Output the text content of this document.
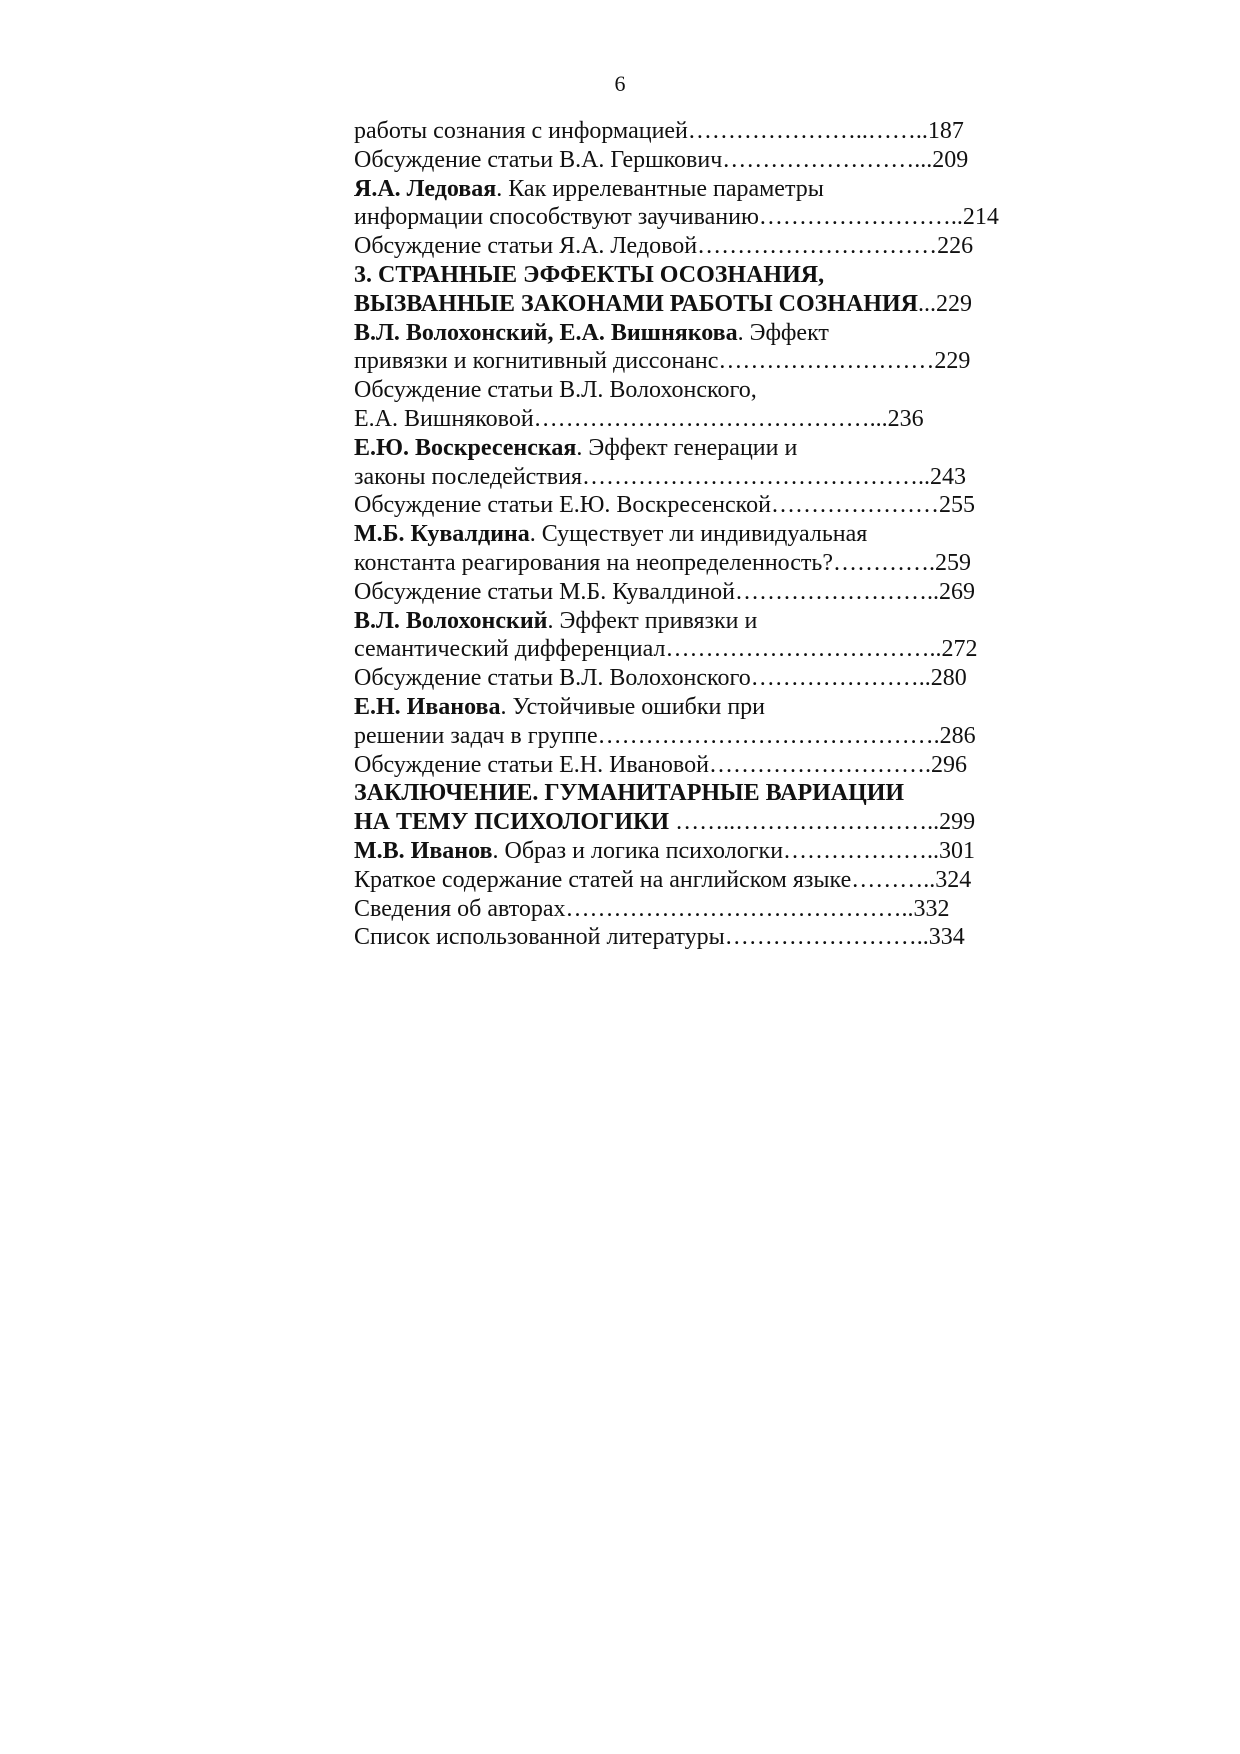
6
работы сознания с информацией…………………..……..187
Обсуждение статьи В.А. Гершкович……………………...209
Я.А. Ледовая. Как иррелевантные параметры
информации способствуют заучиванию……………………..214
Обсуждение статьи Я.А. Ледовой…………………………226
3. СТРАННЫЕ ЭФФЕКТЫ ОСОЗНАНИЯ,
ВЫЗВАННЫЕ ЗАКОНАМИ РАБОТЫ СОЗНАНИЯ...229
В.Л. Волохонский, Е.А. Вишнякова. Эффект
привязки и когнитивный диссонанс………………………229
Обсуждение статьи В.Л. Волохонского,
Е.А. Вишняковой……………………………………...236
Е.Ю. Воскресенская. Эффект генерации и
законы последействия……………………………………..243
Обсуждение статьи Е.Ю. Воскресенской…………………255
М.Б. Кувалдина. Существует ли индивидуальная
константа реагирования на неопределенность?………….259
Обсуждение статьи М.Б. Кувалдиной……………………..269
В.Л. Волохонский. Эффект привязки и
семантический дифференциал……………………………..272
Обсуждение статьи В.Л. Волохонского…………………..280
Е.Н. Иванова. Устойчивые ошибки при
решении задач в группе…………………………………….286
Обсуждение статьи Е.Н. Ивановой……………………….296
ЗАКЛЮЧЕНИЕ. ГУМАНИТАРНЫЕ ВАРИАЦИИ
НА ТЕМУ ПСИХОЛОГИКИ ……..……………………..299
М.В. Иванов. Образ и логика психологки………………..301
Краткое содержание статей на английском языке………..324
Сведения об авторах……………………………………..332
Список использованной литературы……………………..334
